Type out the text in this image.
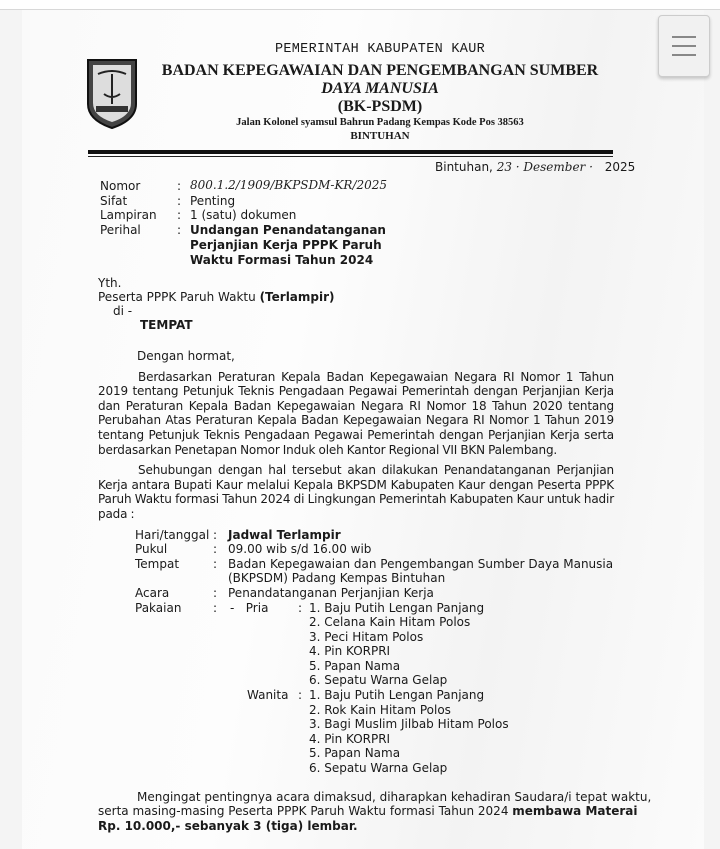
PEMERINTAH KABUPATEN KAUR
BADAN KEPEGAWAIAN DAN PENGEMBANGAN SUMBER
DAYA MANUSIA
(BK-PSDM)
Jalan Kolonel syamsul Bahrun Padang Kempas Kode Pos 38563
BINTUHAN
Bintuhan, 23 · Desember · 2025
Nomor	: 800.1.2/1909/BKPSDM-KR/2025
Sifat	: Penting
Lampiran : 1 (satu) dokumen
Perihal	: Undangan Penandatanganan
Perjanjian Kerja PPPK Paruh
Waktu Formasi Tahun 2024
Yth.
Peserta PPPK Paruh Waktu (Terlampir)
di -
TEMPAT
Dengan hormat,
Berdasarkan Peraturan Kepala Badan Kepegawaian Negara RI Nomor 1 Tahun 2019 tentang Petunjuk Teknis Pengadaan Pegawai Pemerintah dengan Perjanjian Kerja dan Peraturan Kepala Badan Kepegawaian Negara RI Nomor 18 Tahun 2020 tentang Perubahan Atas Peraturan Kepala Badan Kepegawaian Negara RI Nomor 1 Tahun 2019 tentang Petunjuk Teknis Pengadaan Pegawai Pemerintah dengan Perjanjian Kerja serta berdasarkan Penetapan Nomor Induk oleh Kantor Regional VII BKN Palembang.
Sehubungan dengan hal tersebut akan dilakukan Penandatanganan Perjanjian Kerja antara Bupati Kaur melalui Kepala BKPSDM Kabupaten Kaur dengan Peserta PPPK Paruh Waktu formasi Tahun 2024 di Lingkungan Pemerintah Kabupaten Kaur untuk hadir pada :
Hari/tanggal : Jadwal Terlampir
Pukul	: 09.00 wib s/d 16.00 wib
Tempat	: Badan Kepegawaian dan Pengembangan Sumber Daya Manusia
(BKPSDM) Padang Kempas Bintuhan
Acara	: Penandatanganan Perjanjian Kerja
Pakaian	: -   Pria : 1. Baju Putih Lengan Panjang
2. Celana Kain Hitam Polos
3. Peci Hitam Polos
4. Pin KORPRI
5. Papan Nama
6. Sepatu Warna Gelap
Wanita : 1. Baju Putih Lengan Panjang
2. Rok Kain Hitam Polos
3. Bagi Muslim Jilbab Hitam Polos
4. Pin KORPRI
5. Papan Nama
6. Sepatu Warna Gelap
Mengingat pentingnya acara dimaksud, diharapkan kehadiran Saudara/i tepat waktu,
serta masing-masing Peserta PPPK Paruh Waktu formasi Tahun 2024 membawa Materai
Rp. 10.000,- sebanyak 3 (tiga) lembar.
